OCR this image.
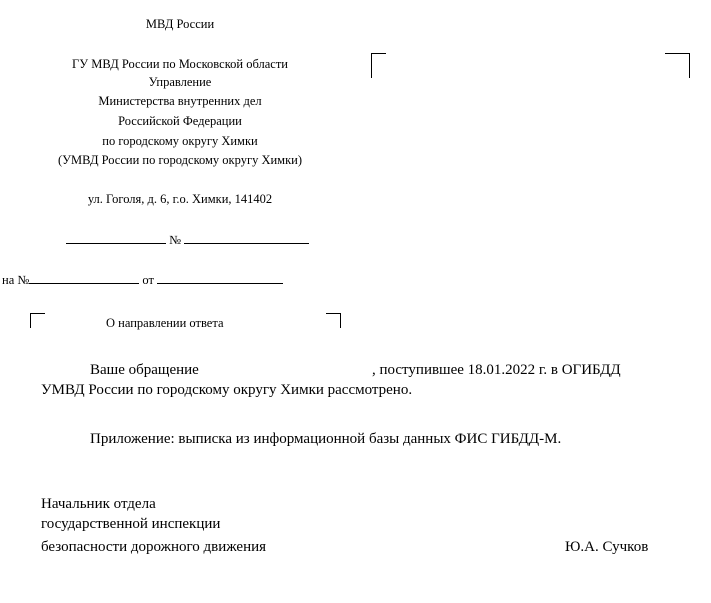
МВД России
ГУ МВД России по Московской области
Управление
Министерства внутренних дел
Российской Федерации
по городскому округу Химки
(УМВД России по городскому округу Химки)
ул. Гоголя, д. 6, г.о. Химки, 141402
№
на №	от
О направлении ответа
Ваше обращение	, поступившее 18.01.2022 г. в ОГИБДД
УМВД России по городскому округу Химки рассмотрено.
Приложение: выписка из информационной базы данных ФИС ГИБДД-М.
Начальник отдела
государственной инспекции
безопасности дорожного движения	Ю.А. Сучков
